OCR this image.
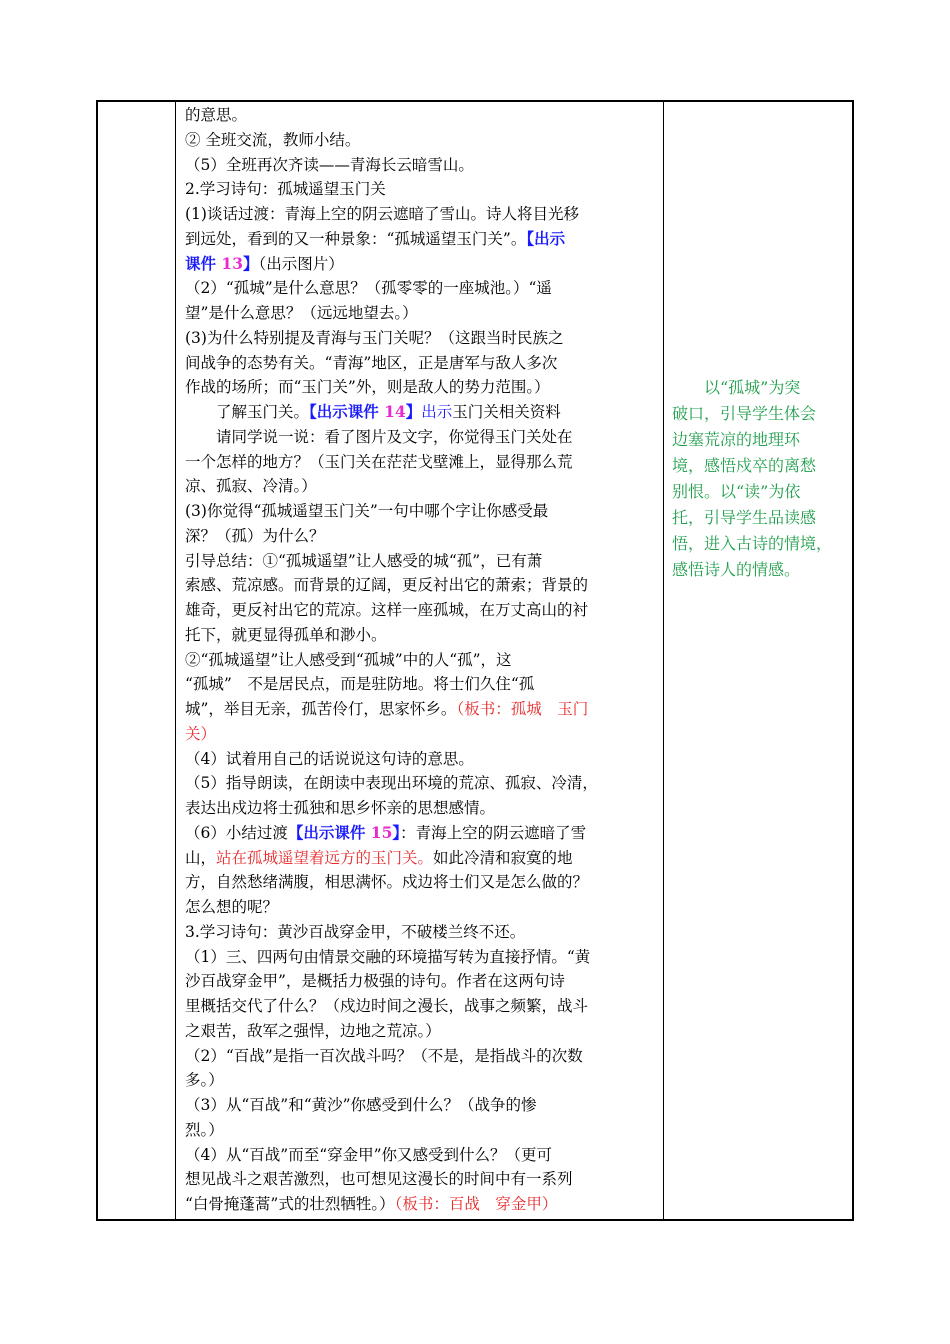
的意思。
② 全班交流，教师小结。
（5）全班再次齐读——青海长云暗雪山。
2.学习诗句：孤城遥望玉门关
(1)谈话过渡：青海上空的阴云遮暗了雪山。诗人将目光移
到远处，看到的又一种景象：“孤城遥望玉门关”。【出示
课件 13】（出示图片）
（2）“孤城”是什么意思？（孤零零的一座城池。）“遥
望”是什么意思？（远远地望去。）
(3)为什么特别提及青海与玉门关呢？（这跟当时民族之
间战争的态势有关。“青海”地区，正是唐军与敌人多次
作战的场所；而“玉门关”外，则是敌人的势力范围。）
　　了解玉门关。【出示课件 14】出示玉门关相关资料
　　请同学说一说：看了图片及文字，你觉得玉门关处在
一个怎样的地方？（玉门关在茫茫戈壁滩上，显得那么荒
凉、孤寂、冷清。）
(3)你觉得“孤城遥望玉门关”一句中哪个字让你感受最
深？（孤）为什么？
引导总结：①“孤城遥望”让人感受的城“孤”，已有萧
索感、荒凉感。而背景的辽阔，更反衬出它的萧索；背景的
雄奇，更反衬出它的荒凉。这样一座孤城，在万丈高山的衬
托下，就更显得孤单和渺小。
②“孤城遥望”让人感受到“孤城”中的人“孤”，这
“孤城”　不是居民点，而是驻防地。将士们久住“孤
城”，举目无亲，孤苦伶仃，思家怀乡。（板书：孤城　玉门
关）
（4）试着用自己的话说说这句诗的意思。
（5）指导朗读，在朗读中表现出环境的荒凉、孤寂、冷清，
表达出戍边将士孤独和思乡怀亲的思想感情。
（6）小结过渡【出示课件 15】：青海上空的阴云遮暗了雪
山，站在孤城遥望着远方的玉门关。如此冷清和寂寞的地
方，自然愁绪满腹，相思满怀。戍边将士们又是怎么做的？
怎么想的呢？
3.学习诗句：黄沙百战穿金甲，不破楼兰终不还。
（1）三、四两句由情景交融的环境描写转为直接抒情。“黄
沙百战穿金甲”，是概括力极强的诗句。作者在这两句诗
里概括交代了什么？（戍边时间之漫长，战事之频繁，战斗
之艰苦，敌军之强悍，边地之荒凉。）
（2）“百战”是指一百次战斗吗？（不是，是指战斗的次数
多。）
（3）从“百战”和“黄沙”你感受到什么？（战争的惨
烈。）
（4）从“百战”而至“穿金甲”你又感受到什么？（更可
想见战斗之艰苦激烈，也可想见这漫长的时间中有一系列
“白骨掩蓬蒿”式的壮烈牺牲。）（板书：百战　穿金甲）
　　以“孤城”为突
破口，引导学生体会
边塞荒凉的地理环
境，感悟戍卒的离愁
别恨。以“读”为依
托，引导学生品读感
悟，进入古诗的情境，
感悟诗人的情感。
